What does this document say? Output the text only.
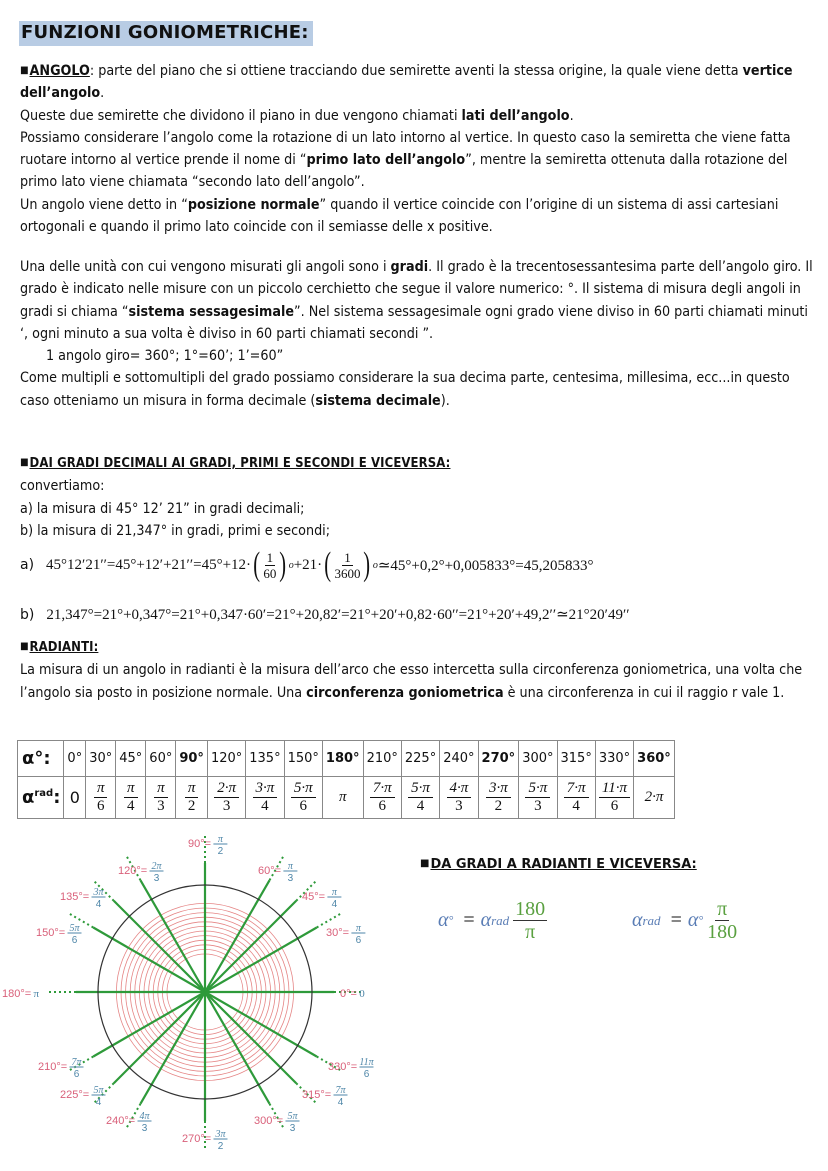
FUNZIONI GONIOMETRICHE:

■ANGOLO: parte del piano che si ottiene tracciando due semirette aventi la stessa origine, la quale viene detta vertice dell’angolo.

Queste due semirette che dividono il piano in due vengono chiamati lati dell’angolo.

Possiamo considerare l’angolo come la rotazione di un lato intorno al vertice. In questo caso la semiretta che viene fatta ruotare intorno al vertice prende il nome di “primo lato dell’angolo”, mentre la semiretta ottenuta dalla rotazione del primo lato viene chiamata “secondo lato dell’angolo”.

Un angolo viene detto in “posizione normale” quando il vertice coincide con l’origine di un sistema di assi cartesiani ortogonali e quando il primo lato coincide con il semiasse delle x positive.

Una delle unità con cui vengono misurati gli angoli sono i gradi. Il grado è la trecentosessantesima parte dell’angolo giro. Il grado è indicato nelle misure con un piccolo cerchietto che segue il valore numerico: °. Il sistema di misura degli angoli in gradi si chiama “sistema sessagesimale”. Nel sistema sessagesimale ogni grado viene diviso in 60 parti chiamati minuti ‘, ogni minuto a sua volta è diviso in 60 parti chiamati secondi ”.

1 angolo giro= 360°; 1°=60’; 1’=60”

Come multipli e sottomultipli del grado possiamo considerare la sua decima parte, centesima, millesima, ecc...in questo caso otteniamo un misura in forma decimale (sistema decimale).

■DAI GRADI DECIMALI AI GRADI, PRIMI E SECONDI E VICEVERSA:

convertiamo:

a) la misura di 45° 12’ 21” in gradi decimali;

b) la misura di 21,347° in gradi, primi e secondi;

a) 45°12′21′′=45°+12′+21′′=45°+12· ( $\frac{1}{60}$ ) o +21· ( $\frac{1}{3600}$ ) o ≃45°+0,2°+0,005833°=45,205833°
b) 21,347°=21°+0,347°=21°+0,347·60′=21°+20,82′=21°+20′+0,82·60′′=21°+20′+49,2′′≃21°20′49′′

■RADIANTI:

La misura di un angolo in radianti è la misura dell’arco che esso intercetta sulla circonferenza goniometrica, una volta che l’angolo sia posto in posizione normale. Una circonferenza goniometrica è una circonferenza in cui il raggio r vale 1.

α°:	0°	30°	45°	60°	90°	120°	135°	150°	180°	210°	225°	240°	270°	300°	315°	330°	360°
$\alpha^{rad}$:	0	$\frac{\pi}{6}$	$\frac{\pi}{4}$	$\frac{\pi}{3}$	$\frac{\pi}{2}$	$\frac{2\cdot\pi}{3}$	$\frac{3\cdot\pi}{4}$	$\frac{5\cdot\pi}{6}$	π	$\frac{7\cdot\pi}{6}$	$\frac{5\cdot\pi}{4}$	$\frac{4\cdot\pi}{3}$	$\frac{3\cdot\pi}{2}$	$\frac{5\cdot\pi}{3}$	$\frac{7\cdot\pi}{4}$	$\frac{11\cdot\pi}{6}$	2·π
90°= π
2
120°= 2π
3
60°= π
3
135°= 3π
4
45°= π
4
150°= 5π
6
30°= π
6
180°= π	0°= 0
210°= 7π
6
330°= 11π
6
225°= 5π
4
315°= 7π
4
240°= 4π
3
300°= 5π
3
270°= 3π
2
■DA GRADI A RADIANTI E VICEVERSA:
α ° = α rad 180
π
α rad = α ° π
180
